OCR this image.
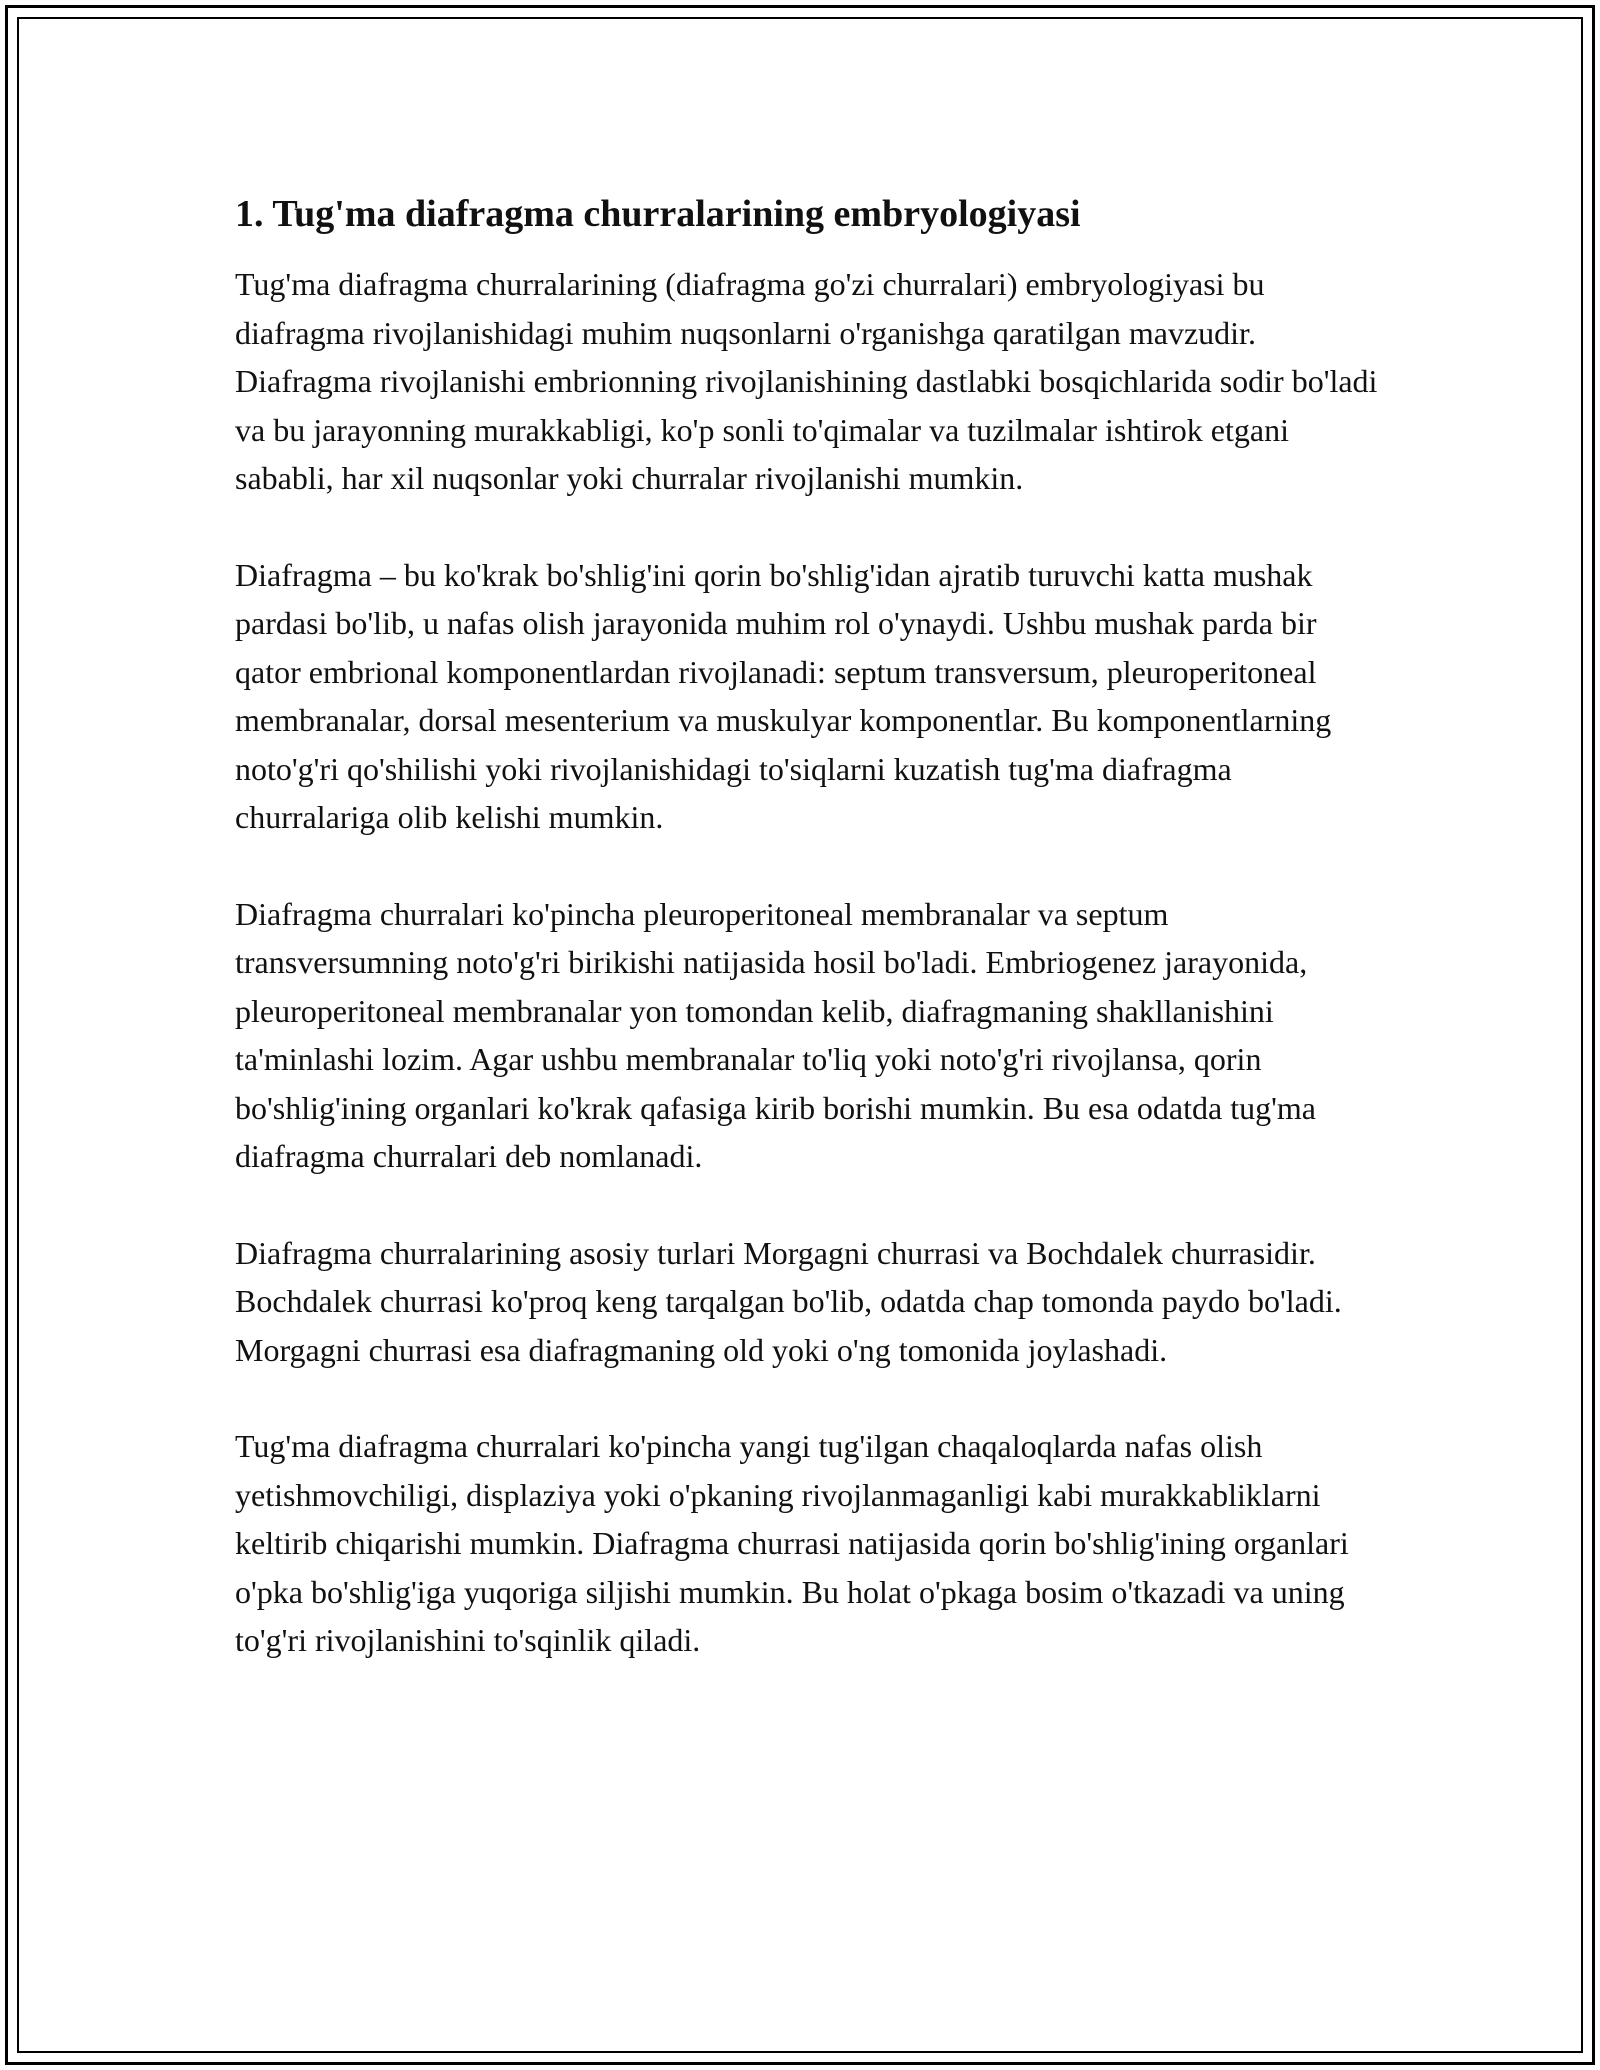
1. Tug'ma diafragma churralarining embryologiyasi

Tug'ma diafragma churralarining (diafragma go'zi churralari) embryologiyasi bu diafragma rivojlanishidagi muhim nuqsonlarni o'rganishga qaratilgan mavzudir. Diafragma rivojlanishi embrionning rivojlanishining dastlabki bosqichlarida sodir bo'ladi va bu jarayonning murakkabligi, ko'p sonli to'qimalar va tuzilmalar ishtirok etgani sababli, har xil nuqsonlar yoki churralar rivojlanishi mumkin.

Diafragma – bu ko'krak bo'shlig'ini qorin bo'shlig'idan ajratib turuvchi katta mushak pardasi bo'lib, u nafas olish jarayonida muhim rol o'ynaydi. Ushbu mushak parda bir qator embrional komponentlardan rivojlanadi: septum transversum, pleuroperitoneal membranalar, dorsal mesenterium va muskulyar komponentlar. Bu komponentlarning noto'g'ri qo'shilishi yoki rivojlanishidagi to'siqlarni kuzatish tug'ma diafragma churralariga olib kelishi mumkin.

Diafragma churralari ko'pincha pleuroperitoneal membranalar va septum transversumning noto'g'ri birikishi natijasida hosil bo'ladi. Embriogenez jarayonida, pleuroperitoneal membranalar yon tomondan kelib, diafragmaning shakllanishini ta'minlashi lozim. Agar ushbu membranalar to'liq yoki noto'g'ri rivojlansa, qorin bo'shlig'ining organlari ko'krak qafasiga kirib borishi mumkin. Bu esa odatda tug'ma diafragma churralari deb nomlanadi.

Diafragma churralarining asosiy turlari Morgagni churrasi va Bochdalek churrasidir. Bochdalek churrasi ko'proq keng tarqalgan bo'lib, odatda chap tomonda paydo bo'ladi. Morgagni churrasi esa diafragmaning old yoki o'ng tomonida joylashadi.

Tug'ma diafragma churralari ko'pincha yangi tug'ilgan chaqaloqlarda nafas olish yetishmovchiligi, displaziya yoki o'pkaning rivojlanmaganligi kabi murakkabliklarni keltirib chiqarishi mumkin. Diafragma churrasi natijasida qorin bo'shlig'ining organlari o'pka bo'shlig'iga yuqoriga siljishi mumkin. Bu holat o'pkaga bosim o'tkazadi va uning to'g'ri rivojlanishini to'sqinlik qiladi.
